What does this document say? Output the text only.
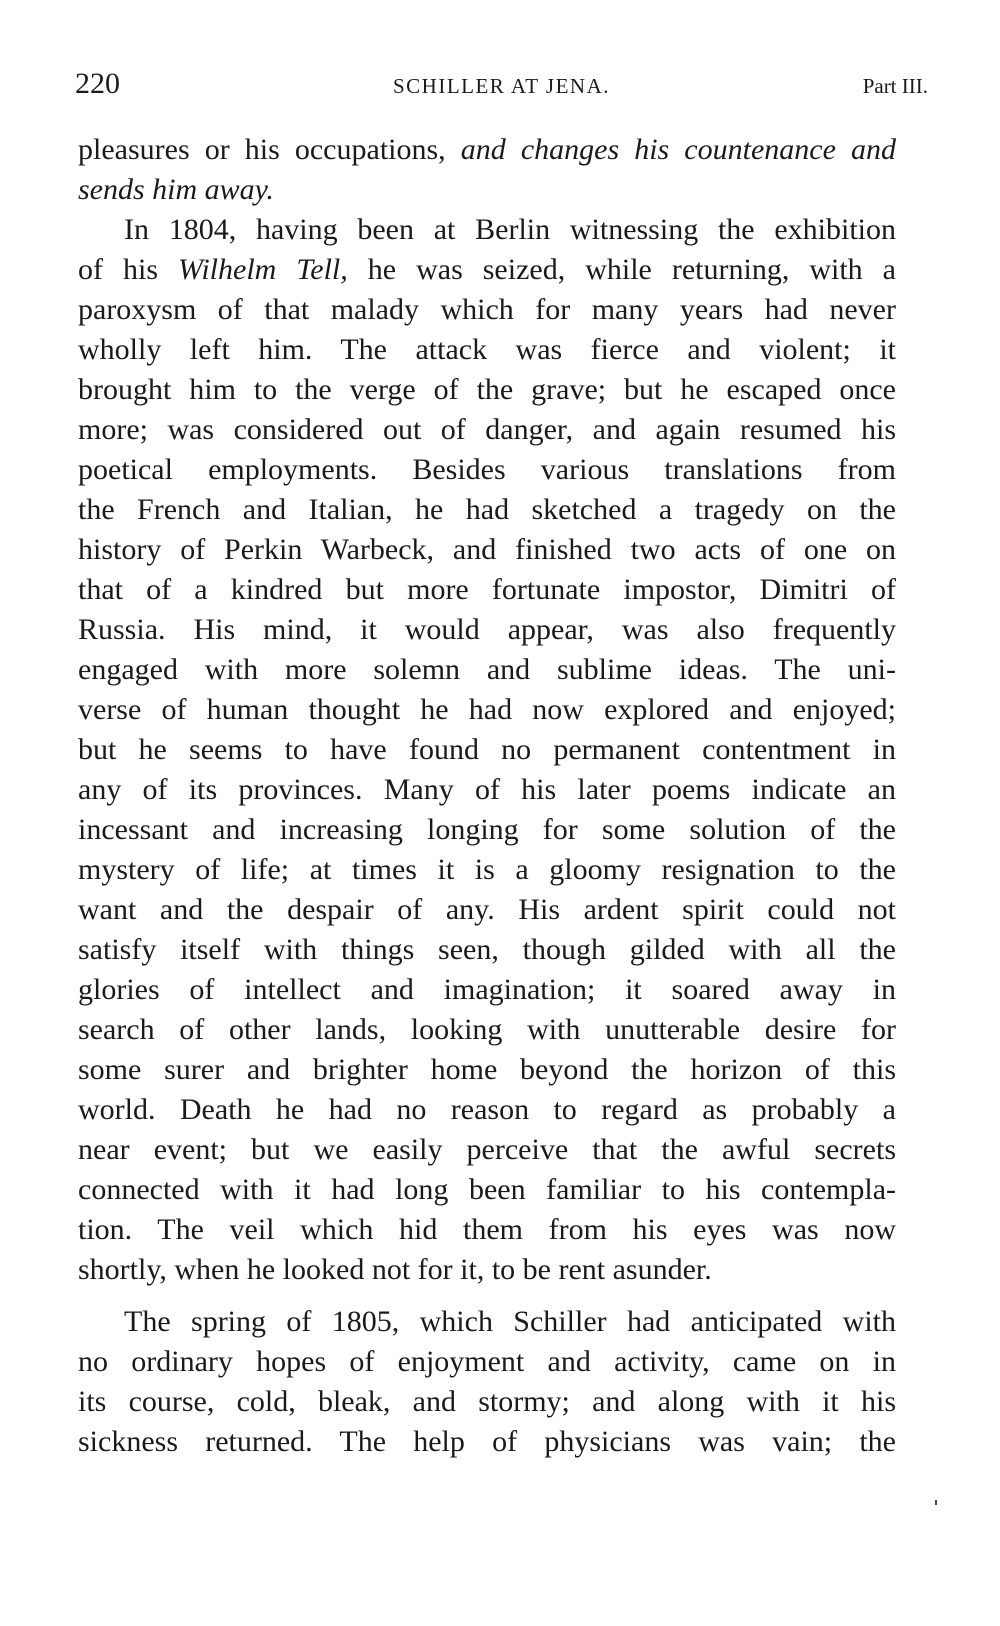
220	SCHILLER AT JENA.	Part III.
pleasures or his occupations, and changes his countenance and
sends him away.
In 1804, having been at Berlin witnessing the exhibition
of his Wilhelm Tell, he was seized, while returning, with a
paroxysm of that malady which for many years had never
wholly left him. The attack was fierce and violent; it
brought him to the verge of the grave; but he escaped once
more; was considered out of danger, and again resumed his
poetical employments. Besides various translations from
the French and Italian, he had sketched a tragedy on the
history of Perkin Warbeck, and finished two acts of one on
that of a kindred but more fortunate impostor, Dimitri of
Russia. His mind, it would appear, was also frequently
engaged with more solemn and sublime ideas. The uni-
verse of human thought he had now explored and enjoyed;
but he seems to have found no permanent contentment in
any of its provinces. Many of his later poems indicate an
incessant and increasing longing for some solution of the
mystery of life; at times it is a gloomy resignation to the
want and the despair of any. His ardent spirit could not
satisfy itself with things seen, though gilded with all the
glories of intellect and imagination; it soared away in
search of other lands, looking with unutterable desire for
some surer and brighter home beyond the horizon of this
world. Death he had no reason to regard as probably a
near event; but we easily perceive that the awful secrets
connected with it had long been familiar to his contempla-
tion. The veil which hid them from his eyes was now
shortly, when he looked not for it, to be rent asunder.
The spring of 1805, which Schiller had anticipated with
no ordinary hopes of enjoyment and activity, came on in
its course, cold, bleak, and stormy; and along with it his
sickness returned. The help of physicians was vain; the
